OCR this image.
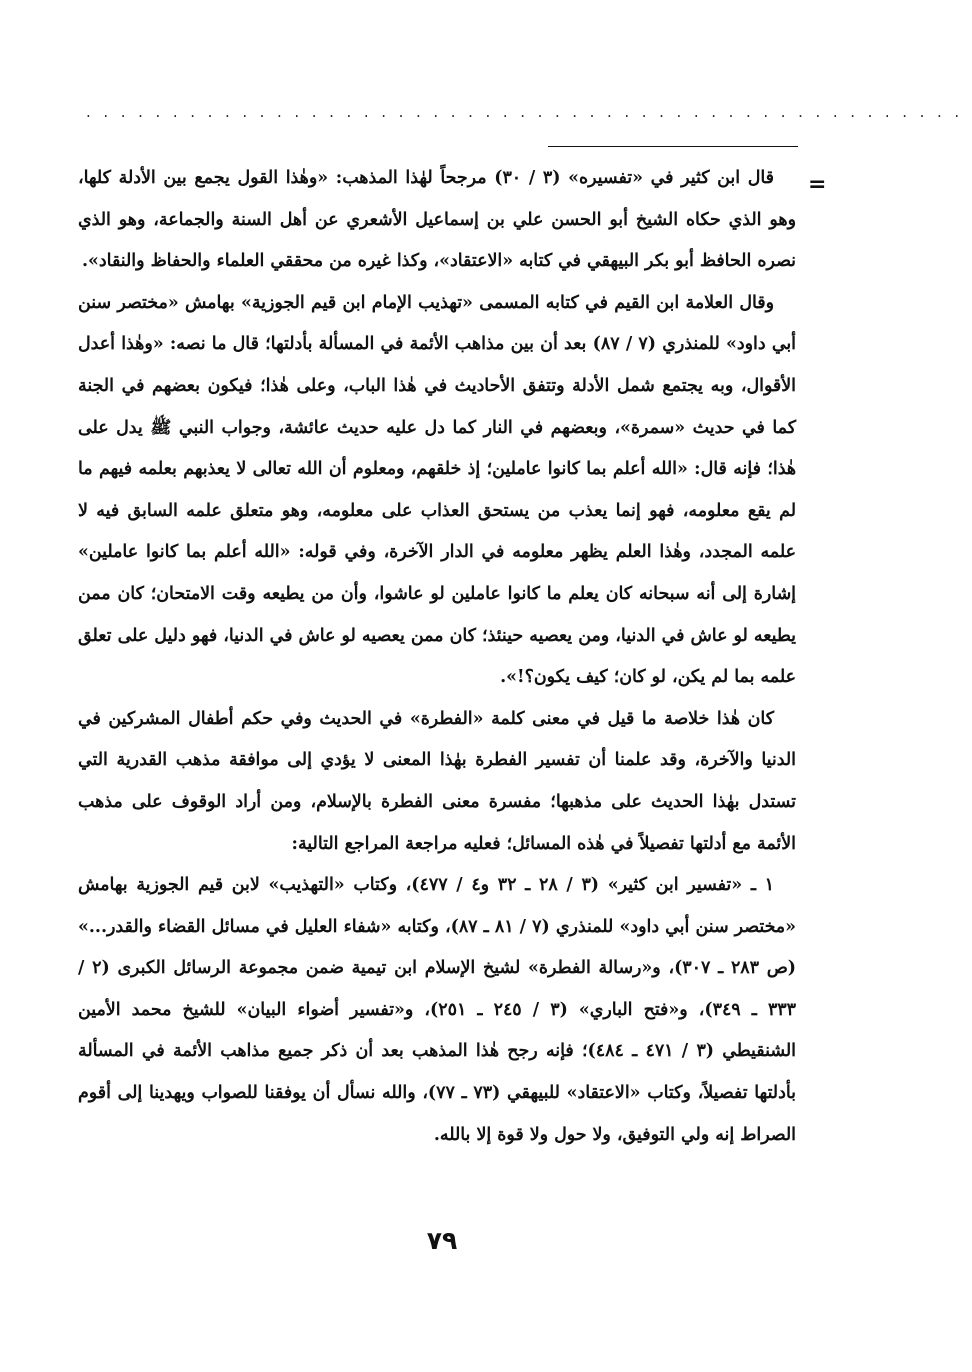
...................................................
=

قال ابن كثير في «تفسيره» (٣ / ٣٠) مرجحاً لهٰذا المذهب: «وهٰذا القول يجمع بين الأدلة كلها، وهو الذي حكاه الشيخ أبو الحسن علي بن إسماعيل الأشعري عن أهل السنة والجماعة، وهو الذي نصره الحافظ أبو بكر البيهقي في كتابه «الاعتقاد»، وكذا غيره من محققي العلماء والحفاظ والنقاد».

وقال العلامة ابن القيم في كتابه المسمى «تهذيب الإمام ابن قيم الجوزية» بهامش «مختصر سنن أبي داود» للمنذري (٧ / ٨٧) بعد أن بين مذاهب الأئمة في المسألة بأدلتها؛ قال ما نصه: «وهٰذا أعدل الأقوال، وبه يجتمع شمل الأدلة وتتفق الأحاديث في هٰذا الباب، وعلى هٰذا؛ فيكون بعضهم في الجنة كما في حديث «سمرة»، وبعضهم في النار كما دل عليه حديث عائشة، وجواب النبي ﷺ يدل على هٰذا؛ فإنه قال: «الله أعلم بما كانوا عاملين؛ إذ خلقهم، ومعلوم أن الله تعالى لا يعذبهم بعلمه فيهم ما لم يقع معلومه، فهو إنما يعذب من يستحق العذاب على معلومه، وهو متعلق علمه السابق فيه لا علمه المجدد، وهٰذا العلم يظهر معلومه في الدار الآخرة، وفي قوله: «الله أعلم بما كانوا عاملين» إشارة إلى أنه سبحانه كان يعلم ما كانوا عاملين لو عاشوا، وأن من يطيعه وقت الامتحان؛ كان ممن يطيعه لو عاش في الدنيا، ومن يعصيه حينئذ؛ كان ممن يعصيه لو عاش في الدنيا، فهو دليل على تعلق علمه بما لم يكن، لو كان؛ كيف يكون؟!».

كان هٰذا خلاصة ما قيل في معنى كلمة «الفطرة» في الحديث وفي حكم أطفال المشركين في الدنيا والآخرة، وقد علمنا أن تفسير الفطرة بهٰذا المعنى لا يؤدي إلى موافقة مذهب القدرية التي تستدل بهٰذا الحديث على مذهبها؛ مفسرة معنى الفطرة بالإسلام، ومن أراد الوقوف على مذهب الأئمة مع أدلتها تفصيلاً في هٰذه المسائل؛ فعليه مراجعة المراجع التالية:

١ ـ «تفسير ابن كثير» (٣ / ٢٨ ـ ٣٢ و٤ / ٤٧٧)، وكتاب «التهذيب» لابن قيم الجوزية بهامش «مختصر سنن أبي داود» للمنذري (٧ / ٨١ ـ ٨٧)، وكتابه «شفاء العليل في مسائل القضاء والقدر...» (ص ٢٨٣ ـ ٣٠٧)، و«رسالة الفطرة» لشيخ الإسلام ابن تيمية ضمن مجموعة الرسائل الكبرى (٢ / ٣٣٣ ـ ٣٤٩)، و«فتح الباري» (٣ / ٢٤٥ ـ ٢٥١)، و«تفسير أضواء البيان» للشيخ محمد الأمين الشنقيطي (٣ / ٤٧١ ـ ٤٨٤)؛ فإنه رجح هٰذا المذهب بعد أن ذكر جميع مذاهب الأئمة في المسألة بأدلتها تفصيلاً، وكتاب «الاعتقاد» للبيهقي (٧٣ ـ ٧٧)، والله نسأل أن يوفقنا للصواب ويهدينا إلى أقوم الصراط إنه ولي التوفيق، ولا حول ولا قوة إلا بالله.

٧٩
